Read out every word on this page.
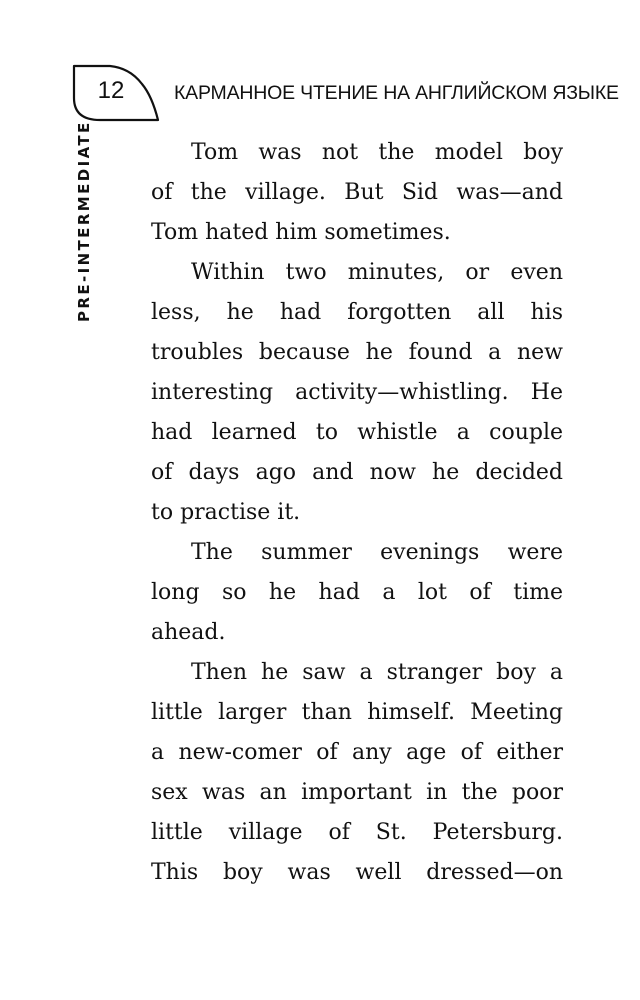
12	КАРМАННОЕ ЧТЕНИЕ НА АНГЛИЙСКОМ ЯЗЫКЕ
PRE-INTERMEDIATE	Tom was not the model boy
of the village. But Sid was—and
Tom hated him sometimes.
Within two minutes, or even
less, he had forgotten all his
troubles because he found a new
interesting activity—whistling. He
had learned to whistle a couple
of days ago and now he decided
to practise it.
The summer evenings were
long so he had a lot of time
ahead.
Then he saw a stranger boy a
little larger than himself. Meeting
a new-comer of any age of either
sex was an important in the poor
little village of St. Petersburg.
This boy was well dressed—on
